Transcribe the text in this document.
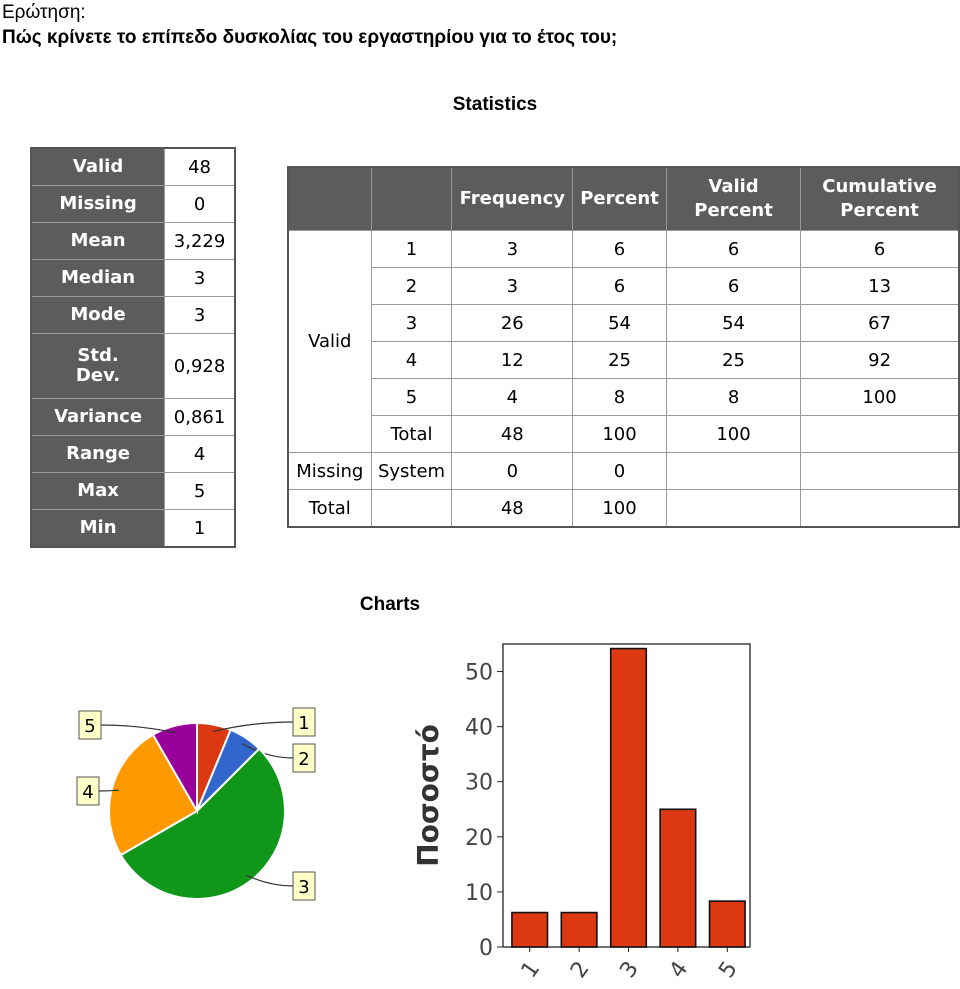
Ερώτηση:
Πώς κρίνετε το επίπεδο δυσκολίας του εργαστηρίου για το έτος του;
Statistics
Valid	48
Missing	0
Mean	3,229
Median	3
Mode	3
Std. Dev.	0,928
Variance	0,861
Range	4
Max	5
Min	1
		Frequency	Percent	Valid Percent	Cumulative Percent
Valid	1	3	6	6	6
	2	3	6	6	13
	3	26	54	54	67
	4	12	25	25	92
	5	4	8	8	100
	Total	48	100	100	
Missing	System	0	0		
Total		48	100		
Charts
1
2
3
4
5
0
10
20
30
40
50
1 2 3 4 5
Ποσοστό
